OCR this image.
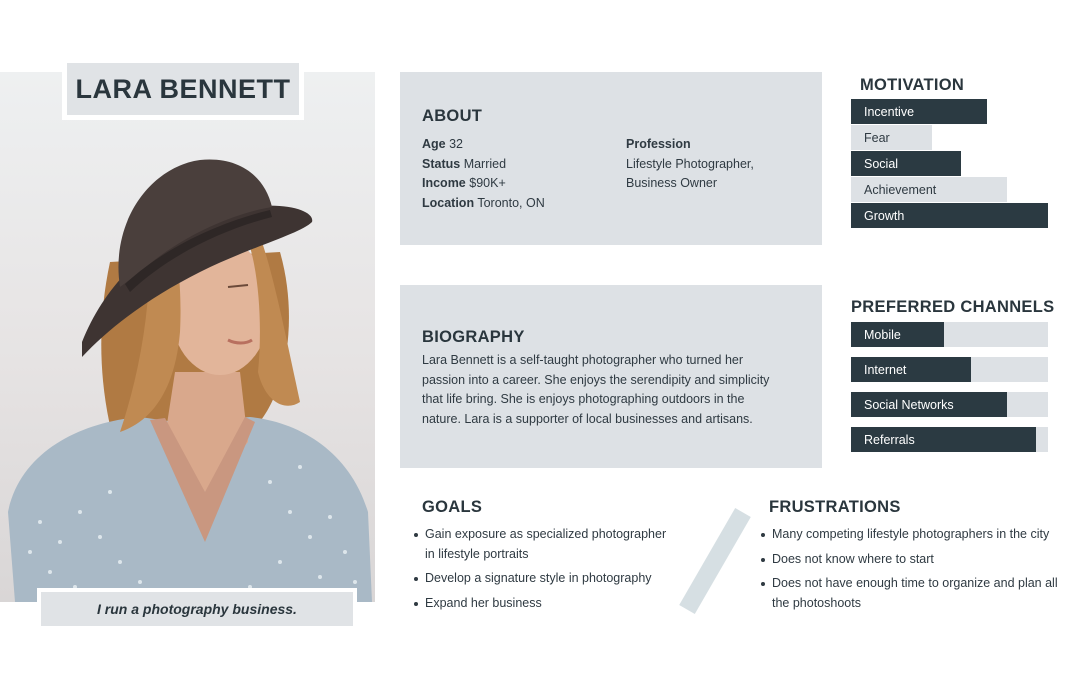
LARA BENNETT
I run a photography business.
ABOUT
Age 32
Status Married
Income $90K+
Location Toronto, ON
Profession
Lifestyle Photographer,
Business Owner
BIOGRAPHY

Lara Bennett is a self-taught photographer who turned her passion into a career. She enjoys the serendipity and simplicity that life bring. She is enjoys photographing outdoors in the nature. Lara is a supporter of local businesses and artisans.

MOTIVATION
Incentive
Fear
Social
Achievement
Growth
PREFERRED CHANNELS
Mobile
Internet
Social Networks
Referrals
GOALS
Gain exposure as specialized photographer in lifestyle portraits
Develop a signature style in photography
Expand her business
FRUSTRATIONS
Many competing lifestyle photographers in the city
Does not know where to start
Does not have enough time to organize and plan all the photoshoots
